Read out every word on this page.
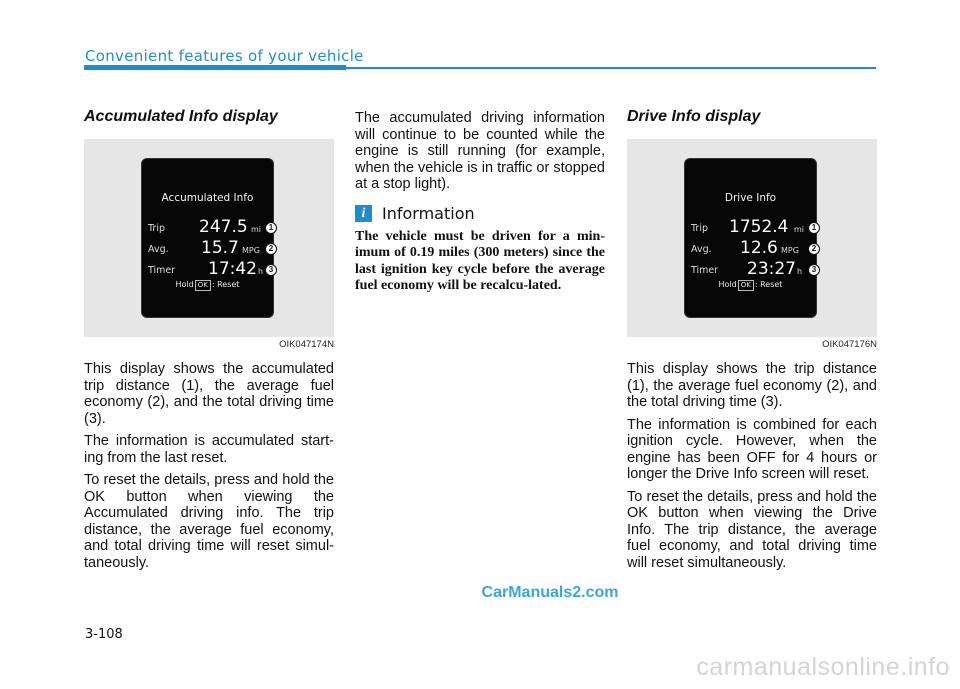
Convenient features of your vehicle
Accumulated Info display
Accumulated Info
Trip 247.5 mi
Avg. 15.7 MPG
Timer 17:42 h
Hold OK : Reset
1
2
3
OIK047174N

This display shows the accumulated trip distance (1), the average fuel economy (2), and the total driving time (3).

The information is accumulated start-ing from the last reset.

To reset the details, press and hold the OK button when viewing the Accumulated driving info. The trip distance, the average fuel economy, and total driving time will reset simul-taneously.

The accumulated driving information will continue to be counted while the engine is still running (for example, when the vehicle is in traffic or stopped at a stop light).

i	Information

The vehicle must be driven for a min-imum of 0.19 miles (300 meters) since the last ignition key cycle before the average fuel economy will be recalcu-lated.

Drive Info display
Drive Info
Trip 1752.4 mi
Avg. 12.6 MPG
Timer 23:27 h
Hold OK : Reset
1
2
3
OIK047176N

This display shows the trip distance (1), the average fuel economy (2), and the total driving time (3).

The information is combined for each ignition cycle. However, when the engine has been OFF for 4 hours or longer the Drive Info screen will reset.

To reset the details, press and hold the OK button when viewing the Drive Info. The trip distance, the average fuel economy, and total driving time will reset simultaneously.

CarManuals2.com
3-108
carmanualsonline.info
